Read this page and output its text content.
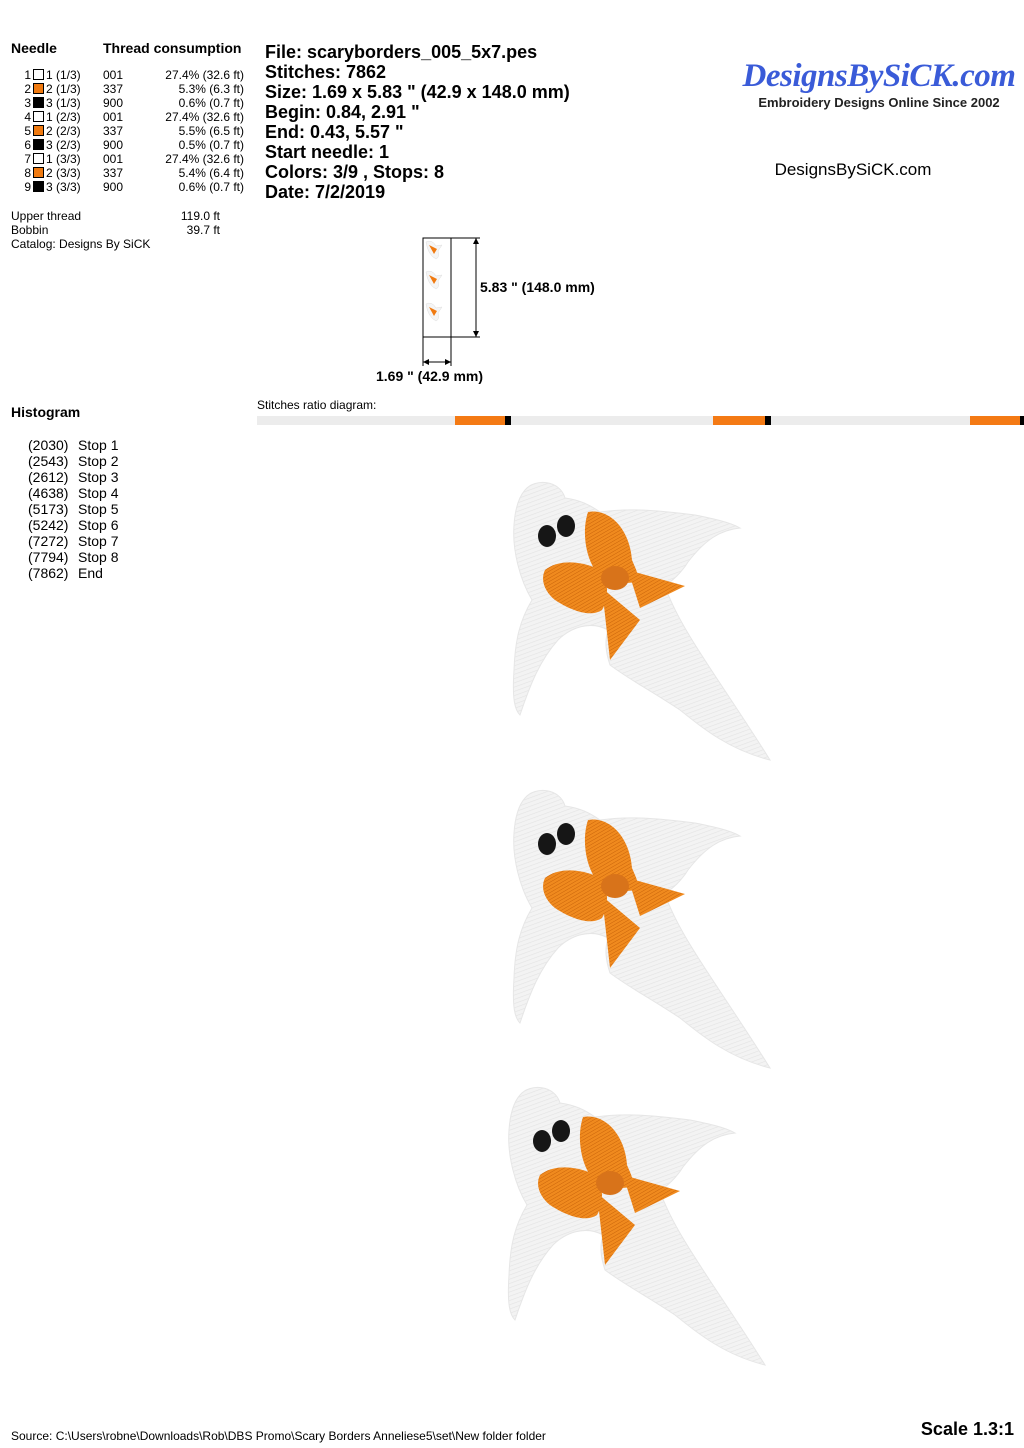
Needle	Thread consumption
1 1 (1/3) 001	27.4% (32.6 ft)
2 2 (1/3) 337	5.3% (6.3 ft)
3 3 (1/3) 900	0.6% (0.7 ft)
4 1 (2/3) 001	27.4% (32.6 ft)
5 2 (2/3) 337	5.5% (6.5 ft)
6 3 (2/3) 900	0.5% (0.7 ft)
7 1 (3/3) 001	27.4% (32.6 ft)
8 2 (3/3) 337	5.4% (6.4 ft)
9 3 (3/3) 900	0.6% (0.7 ft)
Upper thread	119.0 ft
Bobbin	39.7 ft
Catalog: Designs By SiCK
File: scaryborders_005_5x7.pes
Stitches: 7862
Size: 1.69 x 5.83 " (42.9 x 148.0 mm)
Begin: 0.84, 2.91 "
End: 0.43, 5.57 "
Start needle: 1
Colors: 3/9 , Stops: 8
Date: 7/2/2019
DesignsBySiCK.com
Embroidery Designs Online Since 2002
DesignsBySiCK.com
5.83 " (148.0 mm)
1.69 " (42.9 mm)
Histogram
(2030) Stop 1
(2543) Stop 2
(2612) Stop 3
(4638) Stop 4
(5173) Stop 5
(5242) Stop 6
(7272) Stop 7
(7794) Stop 8
(7862) End
Stitches ratio diagram:
Source: C:\Users\robne\Downloads\Rob\DBS Promo\Scary Borders Anneliese5\set\New folder folder	Scale 1.3:1
